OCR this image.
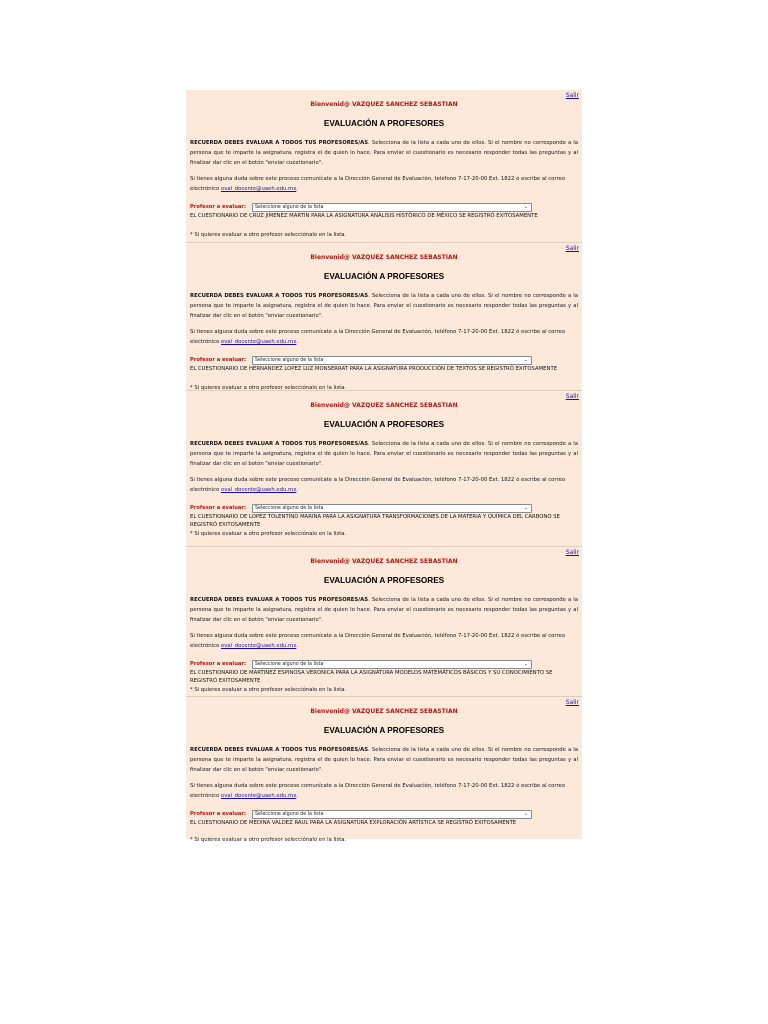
Salir
Bienvenid@ VAZQUEZ SANCHEZ SEBASTIAN
EVALUACIÓN A PROFESORES
RECUERDA DEBES EVALUAR A TODOS TUS PROFESORES/AS. Selecciona de la lista a cada uno de ellos. Si el nombre no corresponde a la persona que te imparte la asignatura, registra el de quien lo hace. Para enviar el cuestionario es necesario responder todas las preguntas y al finalizar dar clic en el botón "enviar cuestionario".
Si tienes alguna duda sobre este proceso comunícate a la Dirección General de Evaluación, teléfono 7-17-20-00 Ext. 1822 ó escribe al correo electrónico eval_docente@uaeh.edu.mx.
Profesor a evaluar:	Seleccione alguno de la lista	⌄
EL CUESTIONARIO DE CRUZ JIMENEZ MARTIN PARA LA ASIGNATURA ANÁLISIS HISTÓRICO DE MÉXICO SE REGISTRÓ EXITOSAMENTE
* Si quieres evaluar a otro profesor selecciónalo en la lista.
Salir
Bienvenid@ VAZQUEZ SANCHEZ SEBASTIAN
EVALUACIÓN A PROFESORES
RECUERDA DEBES EVALUAR A TODOS TUS PROFESORES/AS. Selecciona de la lista a cada uno de ellos. Si el nombre no corresponde a la persona que te imparte la asignatura, registra el de quien lo hace. Para enviar el cuestionario es necesario responder todas las preguntas y al finalizar dar clic en el botón "enviar cuestionario".
Si tienes alguna duda sobre este proceso comunícate a la Dirección General de Evaluación, teléfono 7-17-20-00 Ext. 1822 ó escribe al correo electrónico eval_docente@uaeh.edu.mx.
Profesor a evaluar:	Seleccione alguno de la lista	⌄
EL CUESTIONARIO DE HERNANDEZ LOPEZ LUZ MONSERRAT PARA LA ASIGNATURA PRODUCCIÓN DE TEXTOS SE REGISTRÓ EXITOSAMENTE
* Si quieres evaluar a otro profesor selecciónalo en la lista.
Salir
Bienvenid@ VAZQUEZ SANCHEZ SEBASTIAN
EVALUACIÓN A PROFESORES
RECUERDA DEBES EVALUAR A TODOS TUS PROFESORES/AS. Selecciona de la lista a cada uno de ellos. Si el nombre no corresponde a la persona que te imparte la asignatura, registra el de quien lo hace. Para enviar el cuestionario es necesario responder todas las preguntas y al finalizar dar clic en el botón "enviar cuestionario".
Si tienes alguna duda sobre este proceso comunícate a la Dirección General de Evaluación, teléfono 7-17-20-00 Ext. 1822 ó escribe al correo electrónico eval_docente@uaeh.edu.mx.
Profesor a evaluar:	Seleccione alguno de la lista	⌄
EL CUESTIONARIO DE LOPEZ TOLENTINO MARINA PARA LA ASIGNATURA TRANSFORMACIONES DE LA MATERIA Y QUÍMICA DEL CARBONO SE REGISTRÓ EXITOSAMENTE
* Si quieres evaluar a otro profesor selecciónalo en la lista.
Salir
Bienvenid@ VAZQUEZ SANCHEZ SEBASTIAN
EVALUACIÓN A PROFESORES
RECUERDA DEBES EVALUAR A TODOS TUS PROFESORES/AS. Selecciona de la lista a cada uno de ellos. Si el nombre no corresponde a la persona que te imparte la asignatura, registra el de quien lo hace. Para enviar el cuestionario es necesario responder todas las preguntas y al finalizar dar clic en el botón "enviar cuestionario".
Si tienes alguna duda sobre este proceso comunícate a la Dirección General de Evaluación, teléfono 7-17-20-00 Ext. 1822 ó escribe al correo electrónico eval_docente@uaeh.edu.mx.
Profesor a evaluar:	Seleccione alguno de la lista	⌄
EL CUESTIONARIO DE MARTINEZ ESPINOSA VERONICA PARA LA ASIGNATURA MODELOS MATEMÁTICOS BÁSICOS Y SU CONOCIMIENTO SE REGISTRÓ EXITOSAMENTE
* Si quieres evaluar a otro profesor selecciónalo en la lista.
Salir
Bienvenid@ VAZQUEZ SANCHEZ SEBASTIAN
EVALUACIÓN A PROFESORES
RECUERDA DEBES EVALUAR A TODOS TUS PROFESORES/AS. Selecciona de la lista a cada uno de ellos. Si el nombre no corresponde a la persona que te imparte la asignatura, registra el de quien lo hace. Para enviar el cuestionario es necesario responder todas las preguntas y al finalizar dar clic en el botón "enviar cuestionario".
Si tienes alguna duda sobre este proceso comunícate a la Dirección General de Evaluación, teléfono 7-17-20-00 Ext. 1822 ó escribe al correo electrónico eval_docente@uaeh.edu.mx.
Profesor a evaluar:	Seleccione alguno de la lista	⌄
EL CUESTIONARIO DE MEDINA VALDEZ RAUL PARA LA ASIGNATURA EXPLORACIÓN ARTÍSTICA SE REGISTRÓ EXITOSAMENTE
* Si quieres evaluar a otro profesor selecciónalo en la lista.
